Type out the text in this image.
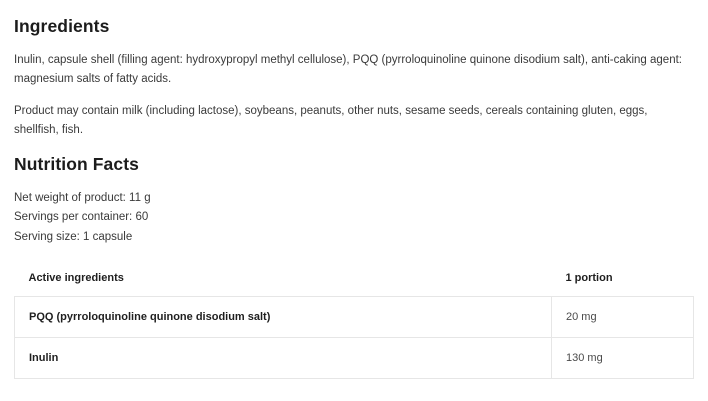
Ingredients

Inulin, capsule shell (filling agent: hydroxypropyl methyl cellulose), PQQ (pyrroloquinoline quinone disodium salt), anti-caking agent: magnesium salts of fatty acids.

Product may contain milk (including lactose), soybeans, peanuts, other nuts, sesame seeds, cereals containing gluten, eggs, shellfish, fish.

Nutrition Facts
Net weight of product: 11 g
Servings per container: 60
Serving size: 1 capsule
Active ingredients	1 portion
PQQ (pyrroloquinoline quinone disodium salt)	20 mg
Inulin	130 mg
